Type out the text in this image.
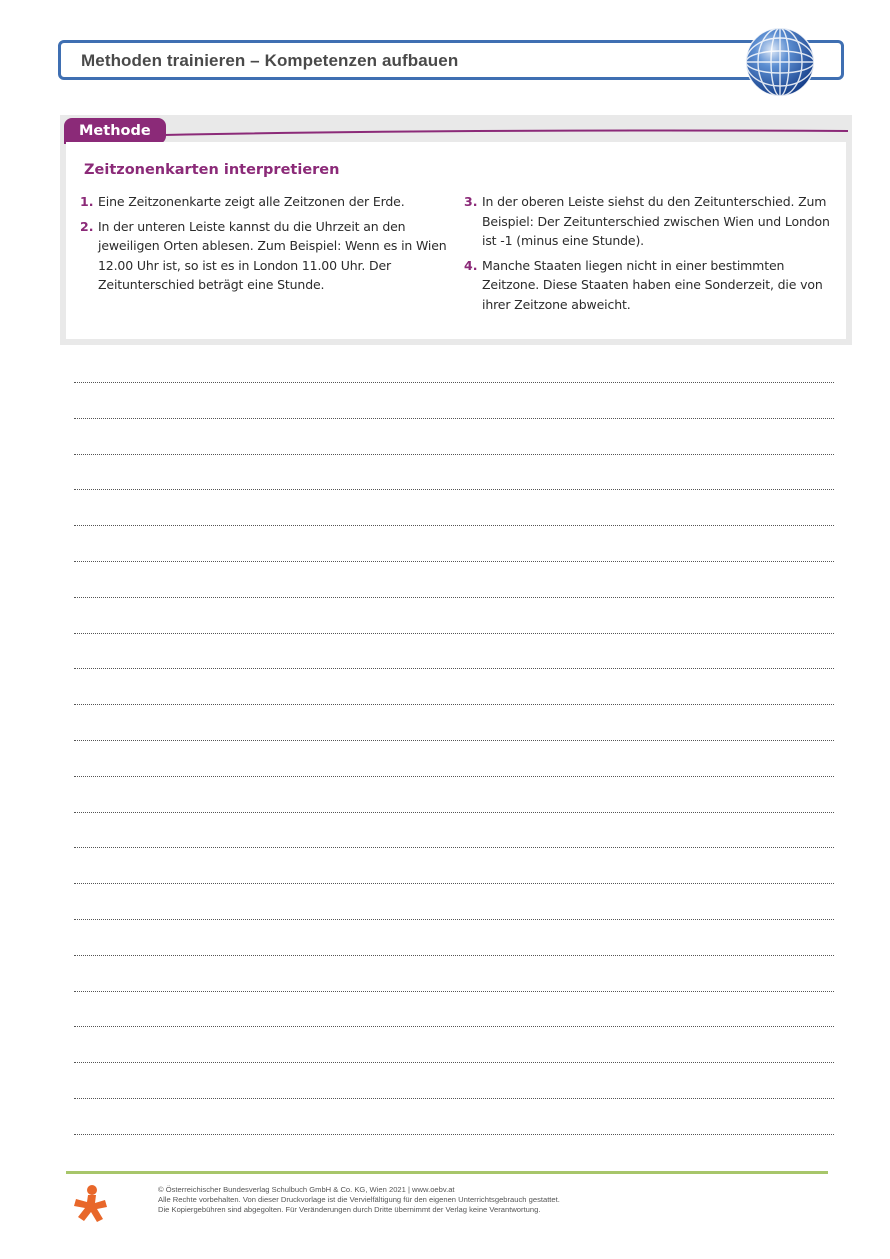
Methoden trainieren – Kompetenzen aufbauen
Methode
Zeitzonenkarten interpretieren
1. Eine Zeitzonenkarte zeigt alle Zeitzonen der Erde.
2. In der unteren Leiste kannst du die Uhrzeit an den jeweiligen Orten ablesen. Zum Beispiel: Wenn es in Wien 12.00 Uhr ist, so ist es in London 11.00 Uhr. Der Zeitunterschied beträgt eine Stunde.
3. In der oberen Leiste siehst du den Zeitunterschied. Zum Beispiel: Der Zeitunterschied zwischen Wien und London ist -1 (minus eine Stunde).
4. Manche Staaten liegen nicht in einer bestimmten Zeitzone. Diese Staaten haben eine Sonderzeit, die von ihrer Zeitzone abweicht.
© Österreichischer Bundesverlag Schulbuch GmbH & Co. KG, Wien 2021 | www.oebv.at
Alle Rechte vorbehalten. Von dieser Druckvorlage ist die Vervielfältigung für den eigenen Unterrichtsgebrauch gestattet.
Die Kopiergebühren sind abgegolten. Für Veränderungen durch Dritte übernimmt der Verlag keine Verantwortung.
